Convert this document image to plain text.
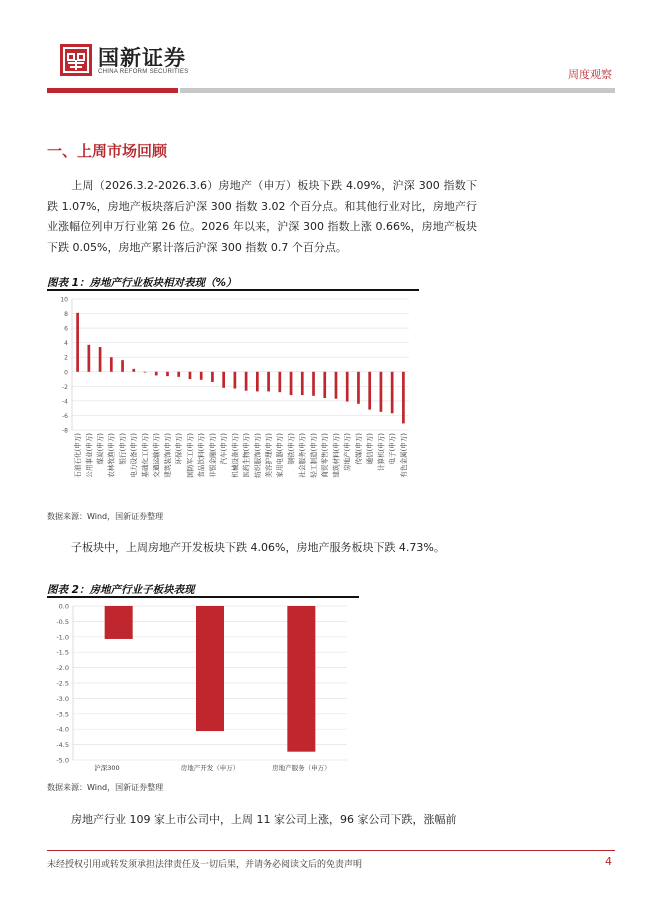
国新证券
CHINA REFORM SECURITIES	周度观察
一、上周市场回顾
上周（2026.3.2-2026.3.6）房地产（申万）板块下跌 4.09%，沪深 300 指数下跌 1.07%，房地产板块落后沪深 300 指数 3.02 个百分点。和其他行业对比，房地产行业涨幅位列申万行业第 26 位。2026 年以来，沪深 300 指数上涨 0.66%，房地产板块下跌 0.05%，房地产累计落后沪深 300 指数 0.7 个百分点。
图表 1：房地产行业板块相对表现（%）
10
8
6
4
2
0
-2
-4
-6
-8
石油石化(申万) 公用事业(申万) 煤炭(申万) 农林牧渔(申万) 银行(申万) 电力设备(申万) 基础化工(申万) 交通运输(申万) 建筑装饰(申万) 环保(申万) 国防军工(申万) 食品饮料(申万) 非银金融(申万) 汽车(申万) 机械设备(申万) 医药生物(申万) 纺织服饰(申万) 美容护理(申万) 家用电器(申万) 钢铁(申万) 社会服务(申万) 轻工制造(申万) 商贸零售(申万) 建筑材料(申万) 房地产(申万) 传媒(申万) 通信(申万) 计算机(申万) 电子(申万) 有色金属(申万)
数据来源：Wind，国新证券整理
子板块中，上周房地产开发板块下跌 4.06%，房地产服务板块下跌 4.73%。
图表 2：房地产行业子板块表现
0.0
-0.5
-1.0
-1.5
-2.0
-2.5
-3.0
-3.5
-4.0
-4.5
-5.0
沪深300	房地产开发（申万）	房地产服务（申万）
数据来源：Wind，国新证券整理
房地产行业 109 家上市公司中，上周 11 家公司上涨，96 家公司下跌，涨幅前
未经授权引用或转发须承担法律责任及一切后果，并请务必阅读文后的免责声明	4
